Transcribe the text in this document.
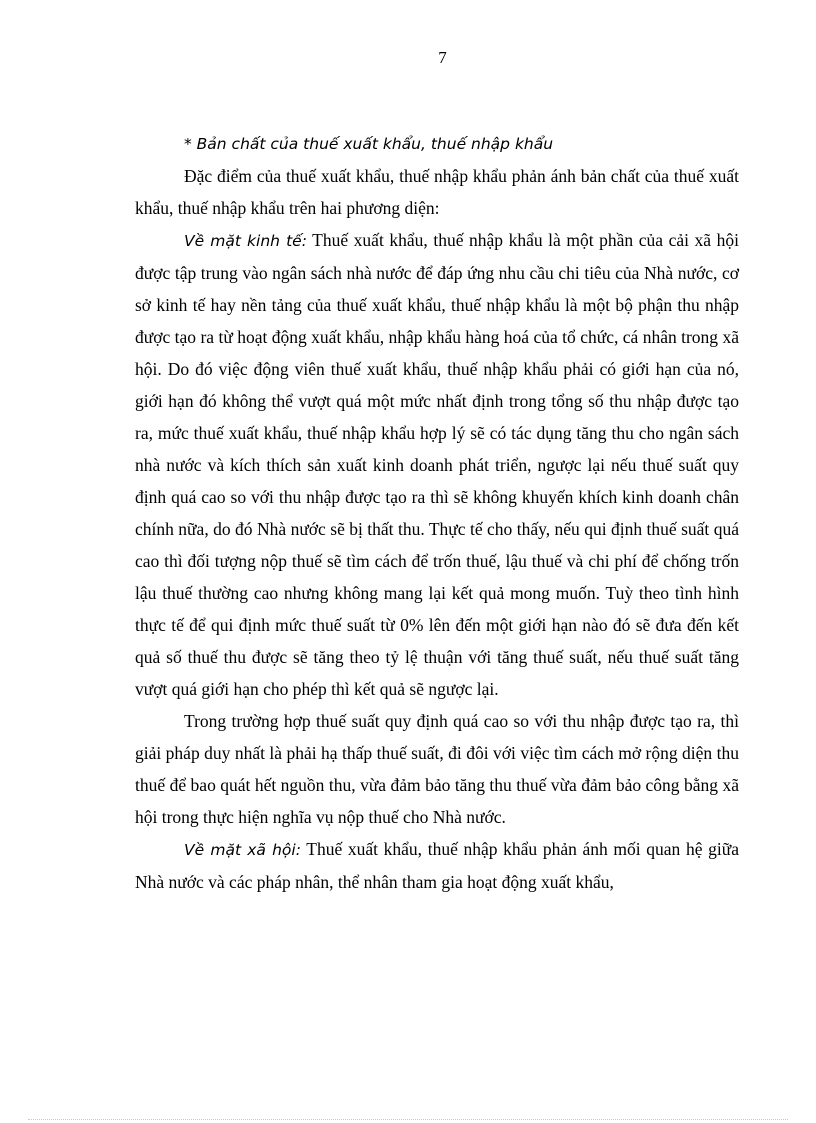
7

* Bản chất của thuế xuất khẩu, thuế nhập khẩu

Đặc điểm của thuế xuất khẩu, thuế nhập khẩu phản ánh bản chất của thuế xuất khẩu, thuế nhập khẩu trên hai phương diện:

Về mặt kinh tế: Thuế xuất khẩu, thuế nhập khẩu là một phần của cải xã hội được tập trung vào ngân sách nhà nước để đáp ứng nhu cầu chi tiêu của Nhà nước, cơ sở kinh tế hay nền tảng của thuế xuất khẩu, thuế nhập khẩu là một bộ phận thu nhập được tạo ra từ hoạt động xuất khẩu, nhập khẩu hàng hoá của tổ chức, cá nhân trong xã hội. Do đó việc động viên thuế xuất khẩu, thuế nhập khẩu phải có giới hạn của nó, giới hạn đó không thể vượt quá một mức nhất định trong tổng số thu nhập được tạo ra, mức thuế xuất khẩu, thuế nhập khẩu hợp lý sẽ có tác dụng tăng thu cho ngân sách nhà nước và kích thích sản xuất kinh doanh phát triển, ngược lại nếu thuế suất quy định quá cao so với thu nhập được tạo ra thì sẽ không khuyến khích kinh doanh chân chính nữa, do đó Nhà nước sẽ bị thất thu. Thực tế cho thấy, nếu qui định thuế suất quá cao thì đối tượng nộp thuế sẽ tìm cách để trốn thuế, lậu thuế và chi phí để chống trốn lậu thuế thường cao nhưng không mang lại kết quả mong muốn. Tuỳ theo tình hình thực tế để qui định mức thuế suất từ 0% lên đến một giới hạn nào đó sẽ đưa đến kết quả số thuế thu được sẽ tăng theo tỷ lệ thuận với tăng thuế suất, nếu thuế suất tăng vượt quá giới hạn cho phép thì kết quả sẽ ngược lại.

Trong trường hợp thuế suất quy định quá cao so với thu nhập được tạo ra, thì giải pháp duy nhất là phải hạ thấp thuế suất, đi đôi với việc tìm cách mở rộng diện thu thuế để bao quát hết nguồn thu, vừa đảm bảo tăng thu thuế vừa đảm bảo công bằng xã hội trong thực hiện nghĩa vụ nộp thuế cho Nhà nước.

Về mặt xã hội: Thuế xuất khẩu, thuế nhập khẩu phản ánh mối quan hệ giữa Nhà nước và các pháp nhân, thể nhân tham gia hoạt động xuất khẩu,
